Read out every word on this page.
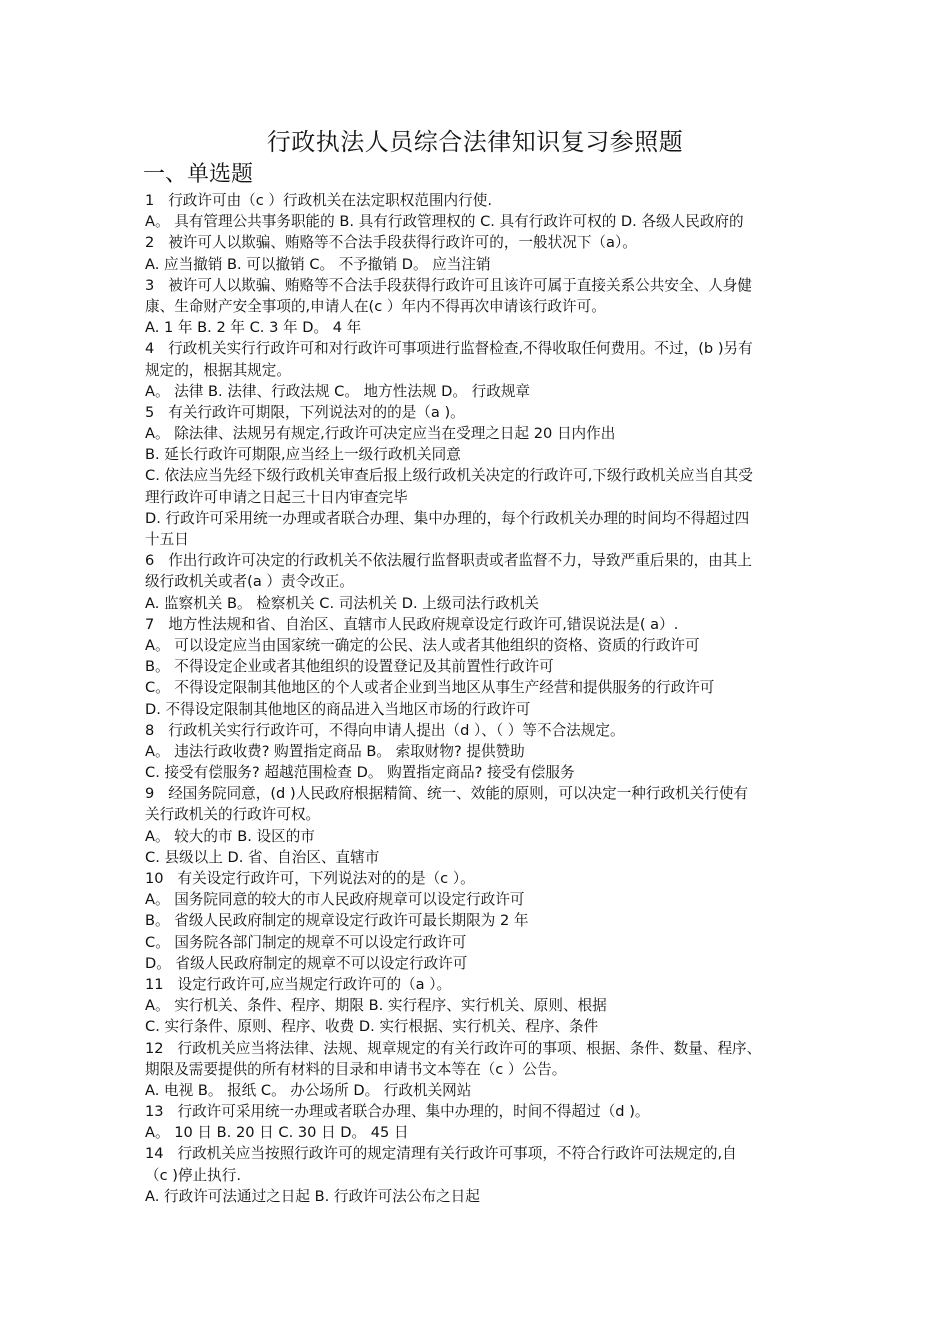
行政执法人员综合法律知识复习参照题
一、单选题
1   行政许可由（c ）行政机关在法定职权范围内行使.
A。 具有管理公共事务职能的 B. 具有行政管理权的 C. 具有行政许可权的 D. 各级人民政府的
2   被许可人以欺骗、贿赂等不合法手段获得行政许可的，一般状况下（a）。
A. 应当撤销 B. 可以撤销 C。 不予撤销 D。 应当注销
3   被许可人以欺骗、贿赂等不合法手段获得行政许可且该许可属于直接关系公共安全、人身健
康、生命财产安全事项的,申请人在(c ）年内不得再次申请该行政许可。
A. 1 年 B. 2 年 C. 3 年 D。 4 年
4   行政机关实行行政许可和对行政许可事项进行监督检查,不得收取任何费用。不过，(b )另有
规定的，根据其规定。
A。 法律 B. 法律、行政法规 C。 地方性法规 D。 行政规章
5   有关行政许可期限，下列说法对的的是（a )。
A。 除法律、法规另有规定,行政许可决定应当在受理之日起 20 日内作出
B. 延长行政许可期限,应当经上一级行政机关同意
C. 依法应当先经下级行政机关审查后报上级行政机关决定的行政许可,下级行政机关应当自其受
理行政许可申请之日起三十日内审查完毕
D. 行政许可采用统一办理或者联合办理、集中办理的，每个行政机关办理的时间均不得超过四
十五日
6   作出行政许可决定的行政机关不依法履行监督职责或者监督不力，导致严重后果的，由其上
级行政机关或者(a ）责令改正。
A. 监察机关 B。 检察机关 C. 司法机关 D. 上级司法行政机关
7   地方性法规和省、自治区、直辖市人民政府规章设定行政许可,错误说法是( a）.
A。 可以设定应当由国家统一确定的公民、法人或者其他组织的资格、资质的行政许可
B。 不得设定企业或者其他组织的设置登记及其前置性行政许可
C。 不得设定限制其他地区的个人或者企业到当地区从事生产经营和提供服务的行政许可
D. 不得设定限制其他地区的商品进入当地区市场的行政许可
8   行政机关实行行政许可，不得向申请人提出（d ）、（ ）等不合法规定。
A。 违法行政收费? 购置指定商品 B。 索取财物? 提供赞助
C. 接受有偿服务? 超越范围检查 D。 购置指定商品? 接受有偿服务
9   经国务院同意，(d )人民政府根据精简、统一、效能的原则，可以决定一种行政机关行使有
关行政机关的行政许可权。
A。 较大的市 B. 设区的市
C. 县级以上 D. 省、自治区、直辖市
10   有关设定行政许可，下列说法对的的是（c ）。
A。 国务院同意的较大的市人民政府规章可以设定行政许可
B。 省级人民政府制定的规章设定行政许可最长期限为 2 年
C。 国务院各部门制定的规章不可以设定行政许可
D。 省级人民政府制定的规章不可以设定行政许可
11   设定行政许可,应当规定行政许可的（a ）。
A。 实行机关、条件、程序、期限 B. 实行程序、实行机关、原则、根据
C. 实行条件、原则、程序、收费 D. 实行根据、实行机关、程序、条件
12   行政机关应当将法律、法规、规章规定的有关行政许可的事项、根据、条件、数量、程序、
期限及需要提供的所有材料的目录和申请书文本等在（c ）公告。
A. 电视 B。 报纸 C。 办公场所 D。 行政机关网站
13   行政许可采用统一办理或者联合办理、集中办理的，时间不得超过（d )。
A。 10 日 B. 20 日 C. 30 日 D。 45 日
14   行政机关应当按照行政许可的规定清理有关行政许可事项，不符合行政许可法规定的,自
（c )停止执行.
A. 行政许可法通过之日起 B. 行政许可法公布之日起
